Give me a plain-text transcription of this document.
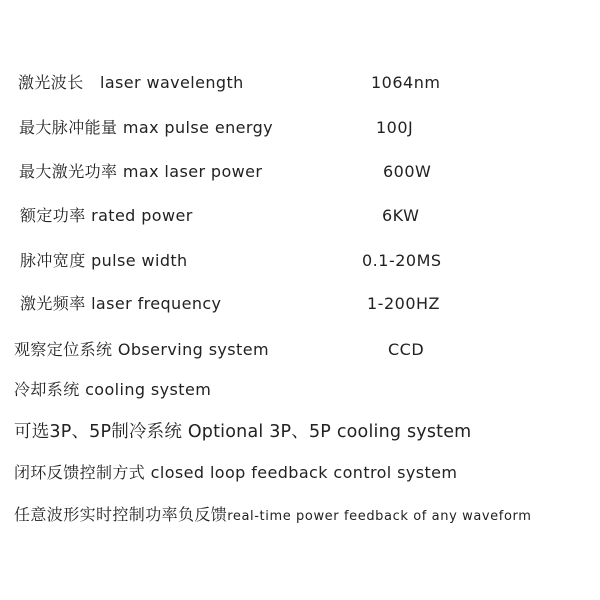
激光波长　laser wavelength	1064nm
最大脉冲能量 max pulse energy	100J
最大激光功率 max laser power	600W
额定功率 rated power	6KW
脉冲宽度 pulse width	0.1-20MS
激光频率 laser frequency	1-200HZ
观察定位系统 Observing system	CCD
冷却系统 cooling system
可选3P、5P制冷系统 Optional 3P、5P cooling system
闭环反馈控制方式 closed loop feedback control system
任意波形实时控制功率负反馈real-time power feedback of any waveform
